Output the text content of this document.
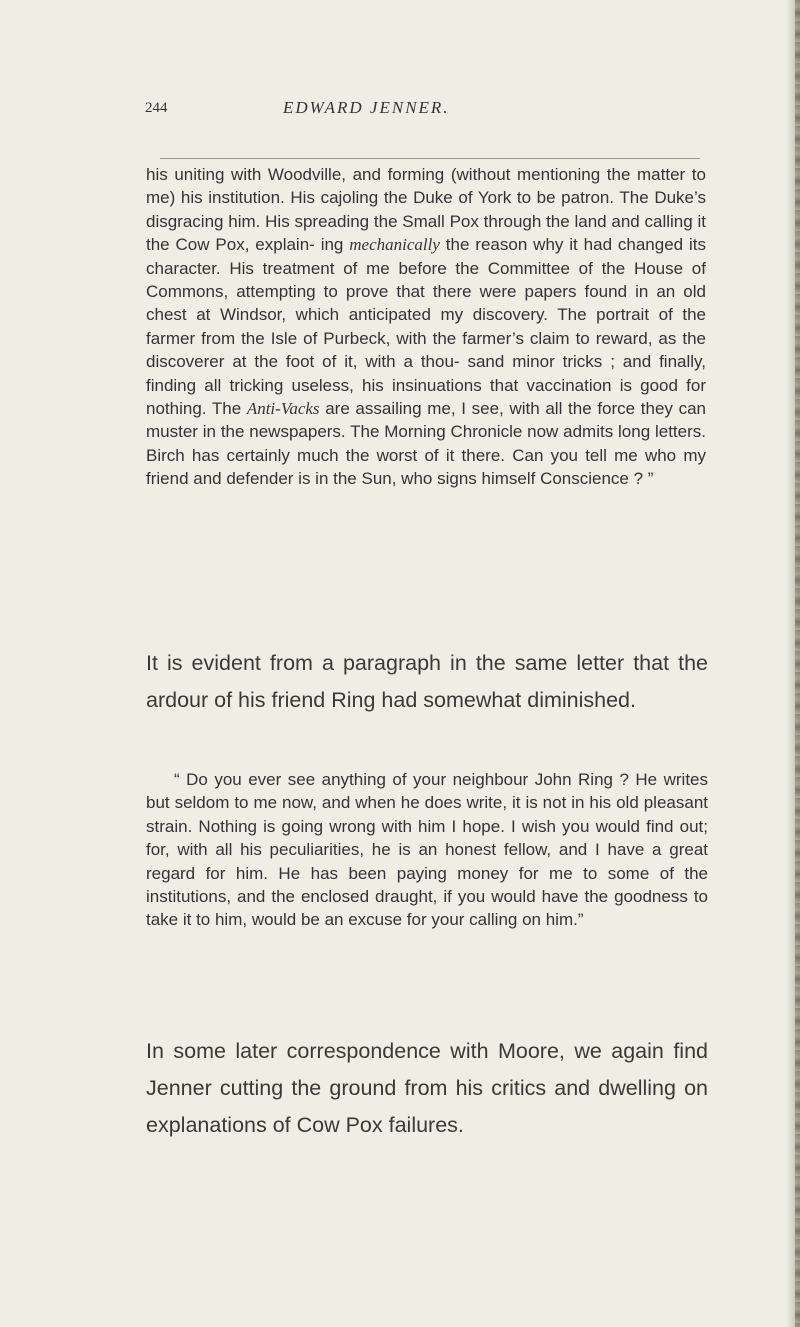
244	EDWARD JENNER.
his uniting with Woodville, and forming (without mentioning the matter to me) his institution. His cajoling the Duke of York to be patron. The Duke’s disgracing him. His spreading the Small Pox through the land and calling it the Cow Pox, explain- ing mechanically the reason why it had changed its character. His treatment of me before the Committee of the House of Commons, attempting to prove that there were papers found in an old chest at Windsor, which anticipated my discovery. The portrait of the farmer from the Isle of Purbeck, with the farmer’s claim to reward, as the discoverer at the foot of it, with a thou- sand minor tricks ; and finally, finding all tricking useless, his insinuations that vaccination is good for nothing. The Anti-Vacks are assailing me, I see, with all the force they can muster in the newspapers. The Morning Chronicle now admits long letters. Birch has certainly much the worst of it there. Can you tell me who my friend and defender is in the Sun, who signs himself Conscience ? ”

It is evident from a paragraph in the same letter that the ardour of his friend Ring had somewhat diminished.

“ Do you ever see anything of your neighbour John Ring ? He writes but seldom to me now, and when he does write, it is not in his old pleasant strain. Nothing is going wrong with him I hope. I wish you would find out; for, with all his peculiarities, he is an honest fellow, and I have a great regard for him. He has been paying money for me to some of the institutions, and the enclosed draught, if you would have the goodness to take it to him, would be an excuse for your calling on him.”

In some later correspondence with Moore, we again find Jenner cutting the ground from his critics and dwelling on explanations of Cow Pox failures.
